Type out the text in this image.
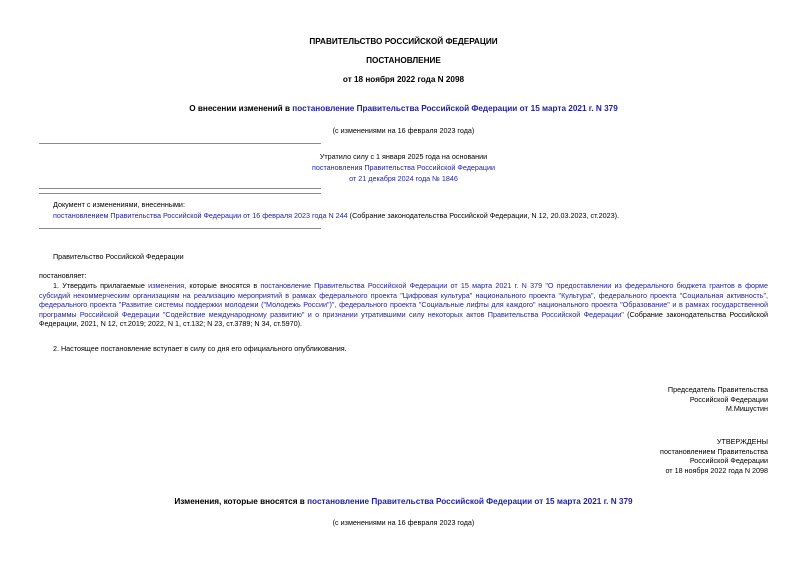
ПРАВИТЕЛЬСТВО РОССИЙСКОЙ ФЕДЕРАЦИИ
ПОСТАНОВЛЕНИЕ
от 18 ноября 2022 года N 2098
О внесении изменений в постановление Правительства Российской Федерации от 15 марта 2021 г. N 379
(с изменениями на 16 февраля 2023 года)
Утратило силу с 1 января 2025 года на основании
постановления Правительства Российской Федерации
от 21 декабря 2024 года № 1846
Документ с изменениями, внесенными:
постановлением Правительства Российской Федерации от 16 февраля 2023 года N 244 (Собрание законодательства Российской Федерации, N 12, 20.03.2023, ст.2023).
Правительство Российской Федерации
постановляет:
1. Утвердить прилагаемые изменения, которые вносятся в постановление Правительства Российской Федерации от 15 марта 2021 г. N 379 "О предоставлении из федерального бюджета грантов в форме субсидий некоммерческим организациям на реализацию мероприятий в рамках федерального проекта "Цифровая культура" национального проекта "Культура", федерального проекта "Социальная активность", федерального проекта "Развитие системы поддержки молодежи ("Молодежь России")", федерального проекта "Социальные лифты для каждого" национального проекта "Образование" и в рамках государственной программы Российской Федерации "Содействие международному развитию" и о признании утратившими силу некоторых актов Правительства Российской Федерации" (Собрание законодательства Российской Федерации, 2021, N 12, ст.2019; 2022, N 1, ст.132; N 23, ст.3789; N 34, ст.5970).
2. Настоящее постановление вступает в силу со дня его официального опубликования.
Председатель Правительства
Российской Федерации
М.Мишустин
УТВЕРЖДЕНЫ
постановлением Правительства
Российской Федерации
от 18 ноября 2022 года N 2098
Изменения, которые вносятся в постановление Правительства Российской Федерации от 15 марта 2021 г. N 379
(с изменениями на 16 февраля 2023 года)
